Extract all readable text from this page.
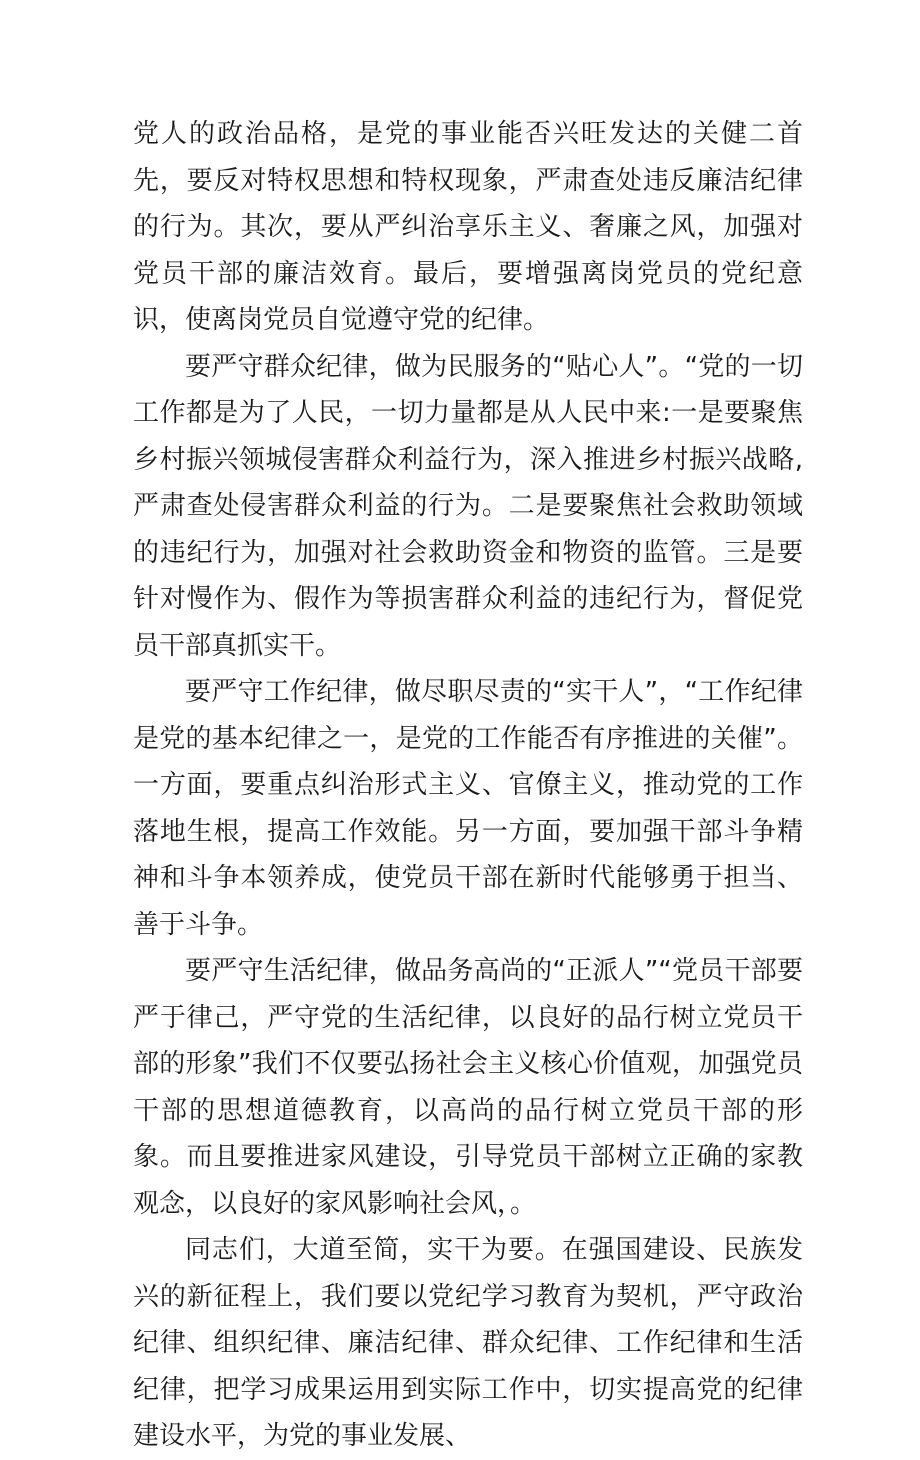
党人的政治品格，是党的事业能否兴旺发达的关健二首先，要反对特权思想和特权现象，严肃查处违反廉洁纪律的行为。其次，要从严纠治享乐主义、奢廉之风，加强对党员干部的廉洁效育。最后，要增强离岗党员的党纪意识，使离岗党员自觉遵守党的纪律。

要严守群众纪律，做为民服务的“贴心人”。“党的一切工作都是为了人民，一切力量都是从人民中来:一是要聚焦乡村振兴领城侵害群众利益行为，深入推进乡村振兴战略,严肃查处侵害群众利益的行为。二是要聚焦社会救助领域的违纪行为，加强对社会救助资金和物资的监管。三是要针对慢作为、假作为等损害群众利益的违纪行为，督促党员干部真抓实干。

要严守工作纪律，做尽职尽责的“实干人”，“工作纪律是党的基本纪律之一，是党的工作能否有序推进的关催”。一方面，要重点纠治形式主义、官僚主义，推动党的工作落地生根，提高工作效能。另一方面，要加强干部斗争精神和斗争本领养成，使党员干部在新时代能够勇于担当、善于斗争。

要严守生活纪律，做品务高尚的“正派人”“党员干部要严于律己，严守党的生活纪律，以良好的品行树立党员干部的形象”我们不仅要弘扬社会主义核心价值观，加强党员干部的思想道德教育，以高尚的品行树立党员干部的形象。而且要推进家风建设，引导党员干部树立正确的家教观念，以良好的家风影响社会风，。

同志们，大道至简，实干为要。在强国建设、民族发兴的新征程上，我们要以党纪学习教育为契机，严守政治纪律、组织纪律、廉洁纪律、群众纪律、工作纪律和生活纪律，把学习成果运用到实际工作中，切实提高党的纪律建设水平，为党的事业发展、
